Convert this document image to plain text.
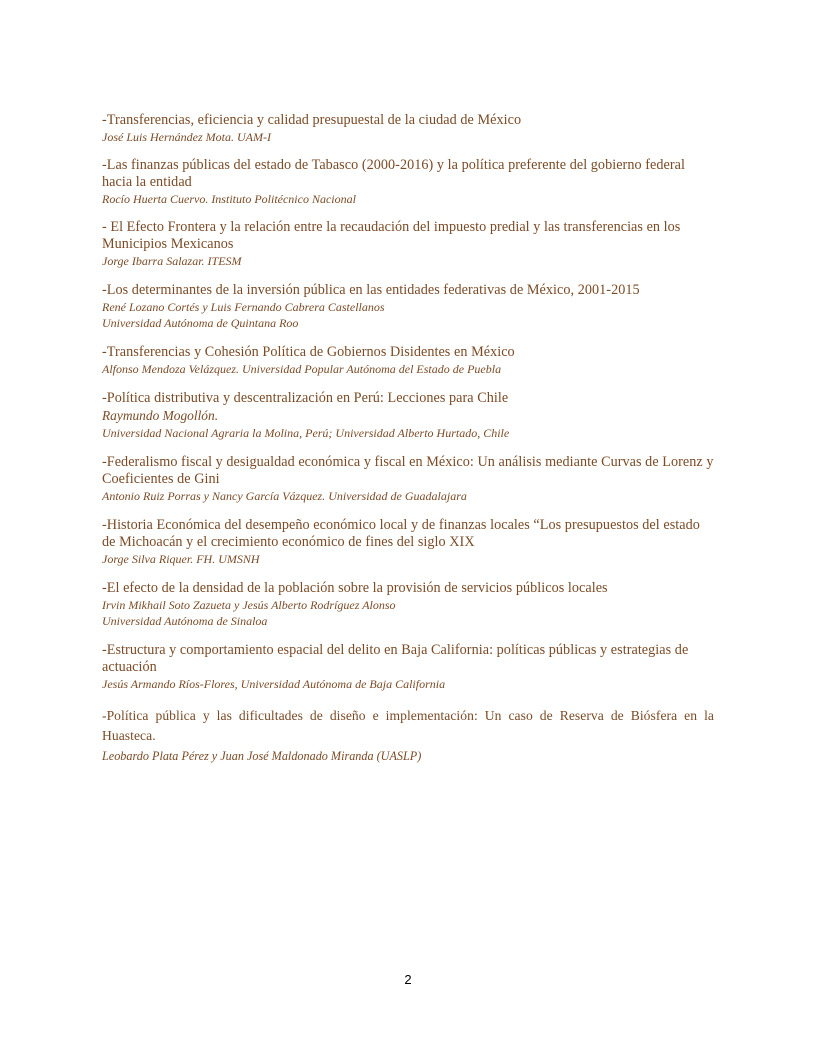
-Transferencias, eficiencia y calidad presupuestal de la ciudad de México
José Luis Hernández Mota. UAM-I
-Las finanzas públicas del estado de Tabasco (2000-2016) y la política preferente del gobierno federal hacia la entidad
Rocío Huerta Cuervo. Instituto Politécnico Nacional
- El Efecto Frontera y la relación entre la recaudación del impuesto predial y las transferencias en los Municipios Mexicanos
Jorge Ibarra Salazar. ITESM
-Los determinantes de la inversión pública en las entidades federativas de México, 2001-2015
René Lozano Cortés y Luis Fernando Cabrera Castellanos
Universidad Autónoma de Quintana Roo
-Transferencias y Cohesión Política de Gobiernos Disidentes en México
Alfonso Mendoza Velázquez. Universidad Popular Autónoma del Estado de Puebla
-Política distributiva y descentralización en Perú: Lecciones para Chile
Raymundo Mogollón.
Universidad Nacional Agraria la Molina, Perú; Universidad Alberto Hurtado, Chile
-Federalismo fiscal y desigualdad económica y fiscal en México: Un análisis mediante Curvas de Lorenz y Coeficientes de Gini
Antonio Ruiz Porras y Nancy García Vázquez. Universidad de Guadalajara
-Historia Económica del desempeño económico local y de finanzas locales “Los presupuestos del estado de Michoacán y el crecimiento económico de fines del siglo XIX
Jorge Silva Riquer. FH. UMSNH
-El efecto de la densidad de la población sobre la provisión de servicios públicos locales
Irvin Mikhail Soto Zazueta y Jesús Alberto Rodríguez Alonso
Universidad Autónoma de Sinaloa
-Estructura y comportamiento espacial del delito en Baja California: políticas públicas y estrategias de actuación
Jesús Armando Ríos-Flores, Universidad Autónoma de Baja California
-Política pública y las dificultades de diseño e implementación: Un caso de Reserva de Biósfera en la Huasteca.
Leobardo Plata Pérez y Juan José Maldonado Miranda (UASLP)
2
